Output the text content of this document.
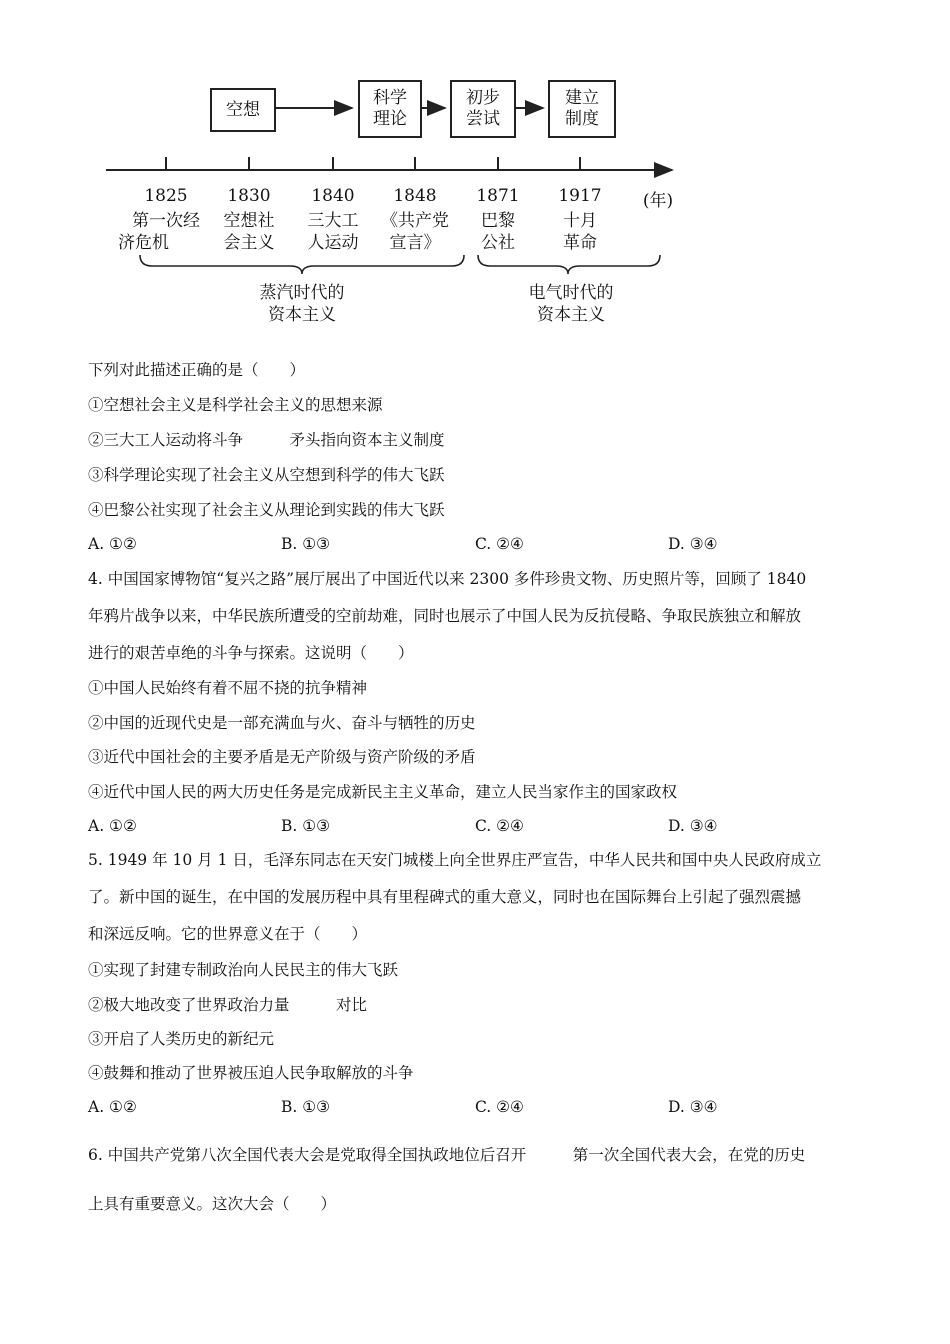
空想
科学
理论
初步
尝试
建立
制度
1825	1830	1840	1848	1871	1917	(年)
第一次经
济危机
空想社
会主义
三大工
人运动
《共产党
宣言》
巴黎
公社
十月
革命
蒸汽时代的
资本主义
电气时代的
资本主义
下列对此描述正确的是（　　）
①空想社会主义是科学社会主义的思想来源
②三大工人运动将斗争　　　矛头指向资本主义制度
③科学理论实现了社会主义从空想到科学的伟大飞跃
④巴黎公社实现了社会主义从理论到实践的伟大飞跃
A. ①②	B. ①③	C. ②④	D. ③④
4. 中国国家博物馆“复兴之路”展厅展出了中国近代以来 2300 多件珍贵文物、历史照片等，回顾了 1840
年鸦片战争以来，中华民族所遭受的空前劫难，同时也展示了中国人民为反抗侵略、争取民族独立和解放
进行的艰苦卓绝的斗争与探索。这说明（　　）
①中国人民始终有着不屈不挠的抗争精神
②中国的近现代史是一部充满血与火、奋斗与牺牲的历史
③近代中国社会的主要矛盾是无产阶级与资产阶级的矛盾
④近代中国人民的两大历史任务是完成新民主主义革命，建立人民当家作主的国家政权
A. ①②	B. ①③	C. ②④	D. ③④
5. 1949 年 10 月 1 日，毛泽东同志在天安门城楼上向全世界庄严宣告，中华人民共和国中央人民政府成立
了。新中国的诞生，在中国的发展历程中具有里程碑式的重大意义，同时也在国际舞台上引起了强烈震撼
和深远反响。它的世界意义在于（　　）
①实现了封建专制政治向人民民主的伟大飞跃
②极大地改变了世界政治力量　　　对比
③开启了人类历史的新纪元
④鼓舞和推动了世界被压迫人民争取解放的斗争
A. ①②	B. ①③	C. ②④	D. ③④
6. 中国共产党第八次全国代表大会是党取得全国执政地位后召开　　　第一次全国代表大会，在党的历史
上具有重要意义。这次大会（　　）
